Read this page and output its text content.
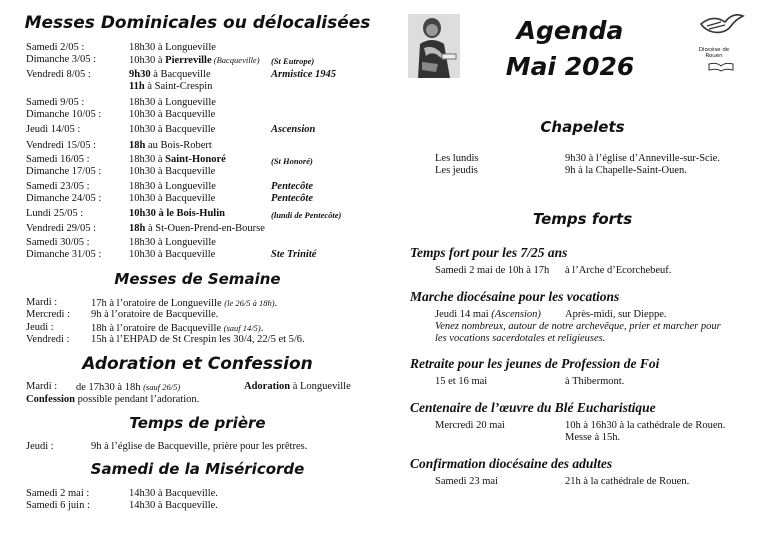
Messes Dominicales ou délocalisées
Samedi 2/05 :	18h30 à Longueville
Dimanche 3/05 :	10h30 à Pierreville (Bacqueville) (St Eutrope)
Vendredi 8/05 :	9h30 à Bacqueville	Armistice 1945
11h à Saint-Crespin
Samedi 9/05 :	18h30 à Longueville
Dimanche 10/05 :	10h30 à Bacqueville
Jeudi 14/05 :	10h30 à Bacqueville	Ascension
Vendredi 15/05 :	18h au Bois-Robert
Samedi 16/05 :	18h30 à Saint-Honoré	(St Honoré)
Dimanche 17/05 :	10h30 à Bacqueville
Samedi 23/05 :	18h30 à Longueville	Pentecôte
Dimanche 24/05 :	10h30 à Bacqueville	Pentecôte
Lundi 25/05 :	10h30 à le Bois-Hulin	(lundi de Pentecôte)
Vendredi 29/05 :	18h à St-Ouen-Prend-en-Bourse
Samedi 30/05 :	18h30 à Longueville
Dimanche 31/05 :	10h30 à Bacqueville	Ste Trinité
Messes de Semaine
Mardi :	17h à l’oratoire de Longueville (le 26/5 à 18h).
Mercredi : 9h à l’oratoire de Bacqueville.
Jeudi :	18h à l’oratoire de Bacqueville (sauf 14/5).
Vendredi : 15h à l’EHPAD de St Crespin les 30/4, 22/5 et 5/6.
Adoration et Confession
Mardi : de 17h30 à 18h (sauf 26/5)	Adoration à Longueville
Confession possible pendant l’adoration.
Temps de prière
Jeudi :	9h à l’église de Bacqueville, prière pour les prêtres.
Samedi de la Miséricorde
Samedi 2 mai :	14h30 à Bacqueville.
Samedi 6 juin :	14h30 à Bacqueville.
Agenda
Mai 2026
Diocèse de Rouen
Chapelets
Les lundis	9h30 à l’église d’Anneville-sur-Scie.
Les jeudis	9h à la Chapelle-Saint-Ouen.
Temps forts
Temps fort pour les 7/25 ans
Samedi 2 mai de 10h à 17h à l’Arche d’Ecorchebeuf.
Marche diocésaine pour les vocations
Jeudi 14 mai (Ascension) Après-midi, sur Dieppe.
Venez nombreux, autour de notre archevêque, prier et marcher pour
les vocations sacerdotales et religieuses.
Retraite pour les jeunes de Profession de Foi
15 et 16 mai	à Thibermont.
Centenaire de l’œuvre du Blé Eucharistique
Mercredi 20 mai	10h à 16h30 à la cathédrale de Rouen.
Messe à 15h.
Confirmation diocésaine des adultes
Samedi 23 mai	21h à la cathédrale de Rouen.
